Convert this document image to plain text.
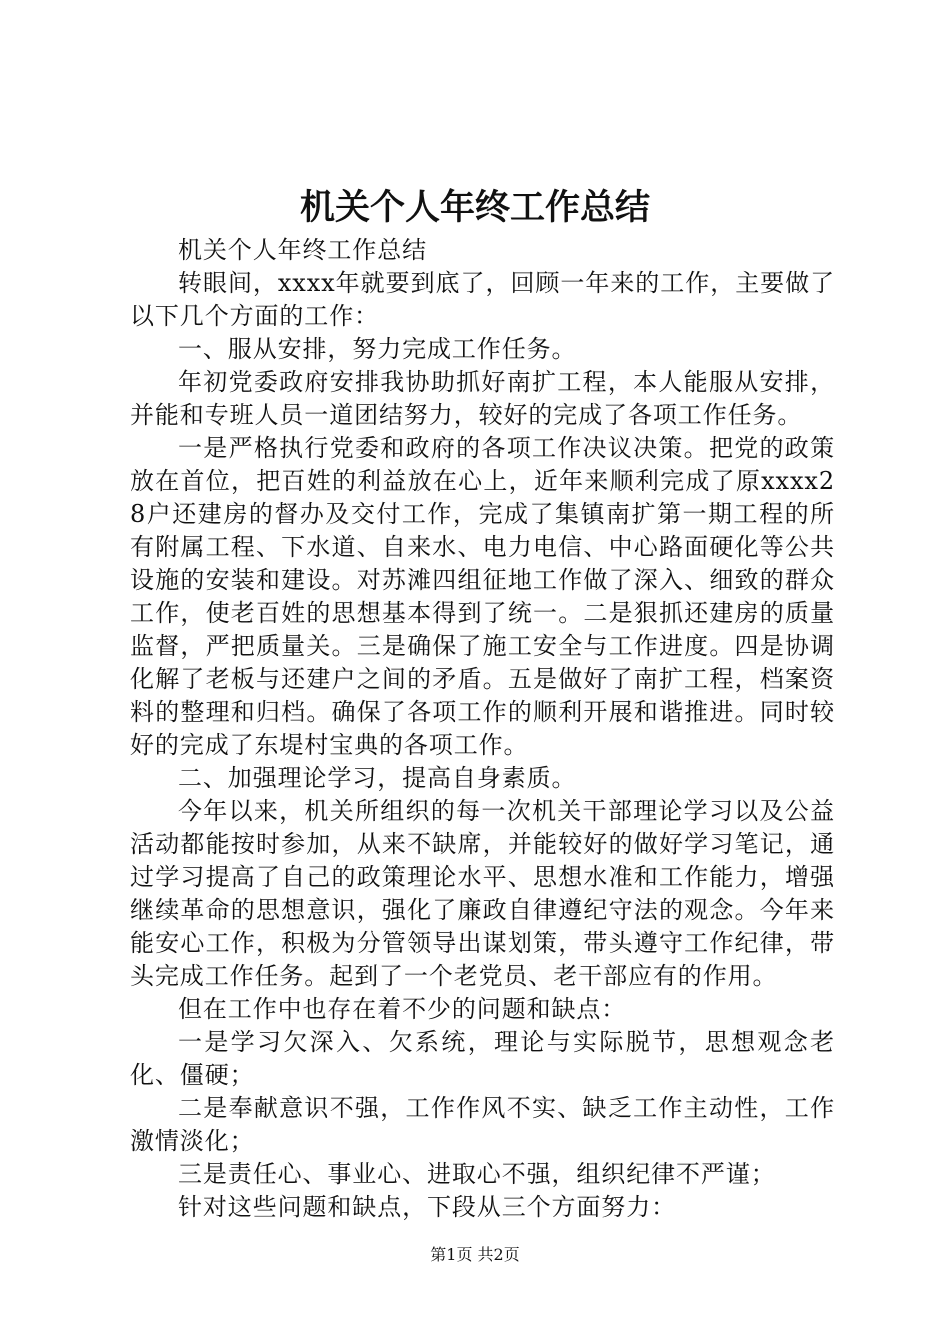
机关个人年终工作总结

机关个人年终工作总结

转眼间，xxxx年就要到底了，回顾一年来的工作，主要做了以下几个方面的工作：

一、服从安排，努力完成工作任务。

年初党委政府安排我协助抓好南扩工程，本人能服从安排，并能和专班人员一道团结努力，较好的完成了各项工作任务。

一是严格执行党委和政府的各项工作决议决策。把党的政策放在首位，把百姓的利益放在心上，近年来顺利完成了原xxxx28户还建房的督办及交付工作，完成了集镇南扩第一期工程的所有附属工程、下水道、自来水、电力电信、中心路面硬化等公共设施的安装和建设。对苏滩四组征地工作做了深入、细致的群众工作，使老百姓的思想基本得到了统一。二是狠抓还建房的质量监督，严把质量关。三是确保了施工安全与工作进度。四是协调化解了老板与还建户之间的矛盾。五是做好了南扩工程，档案资料的整理和归档。确保了各项工作的顺利开展和谐推进。同时较好的完成了东堤村宝典的各项工作。

二、加强理论学习，提高自身素质。

今年以来，机关所组织的每一次机关干部理论学习以及公益活动都能按时参加，从来不缺席，并能较好的做好学习笔记，通过学习提高了自己的政策理论水平、思想水准和工作能力，增强继续革命的思想意识，强化了廉政自律遵纪守法的观念。今年来能安心工作，积极为分管领导出谋划策，带头遵守工作纪律，带头完成工作任务。起到了一个老党员、老干部应有的作用。

但在工作中也存在着不少的问题和缺点：

一是学习欠深入、欠系统，理论与实际脱节，思想观念老化、僵硬；

二是奉献意识不强，工作作风不实、缺乏工作主动性，工作激情淡化；

三是责任心、事业心、进取心不强，组织纪律不严谨；

针对这些问题和缺点，下段从三个方面努力：

第1页 共2页
